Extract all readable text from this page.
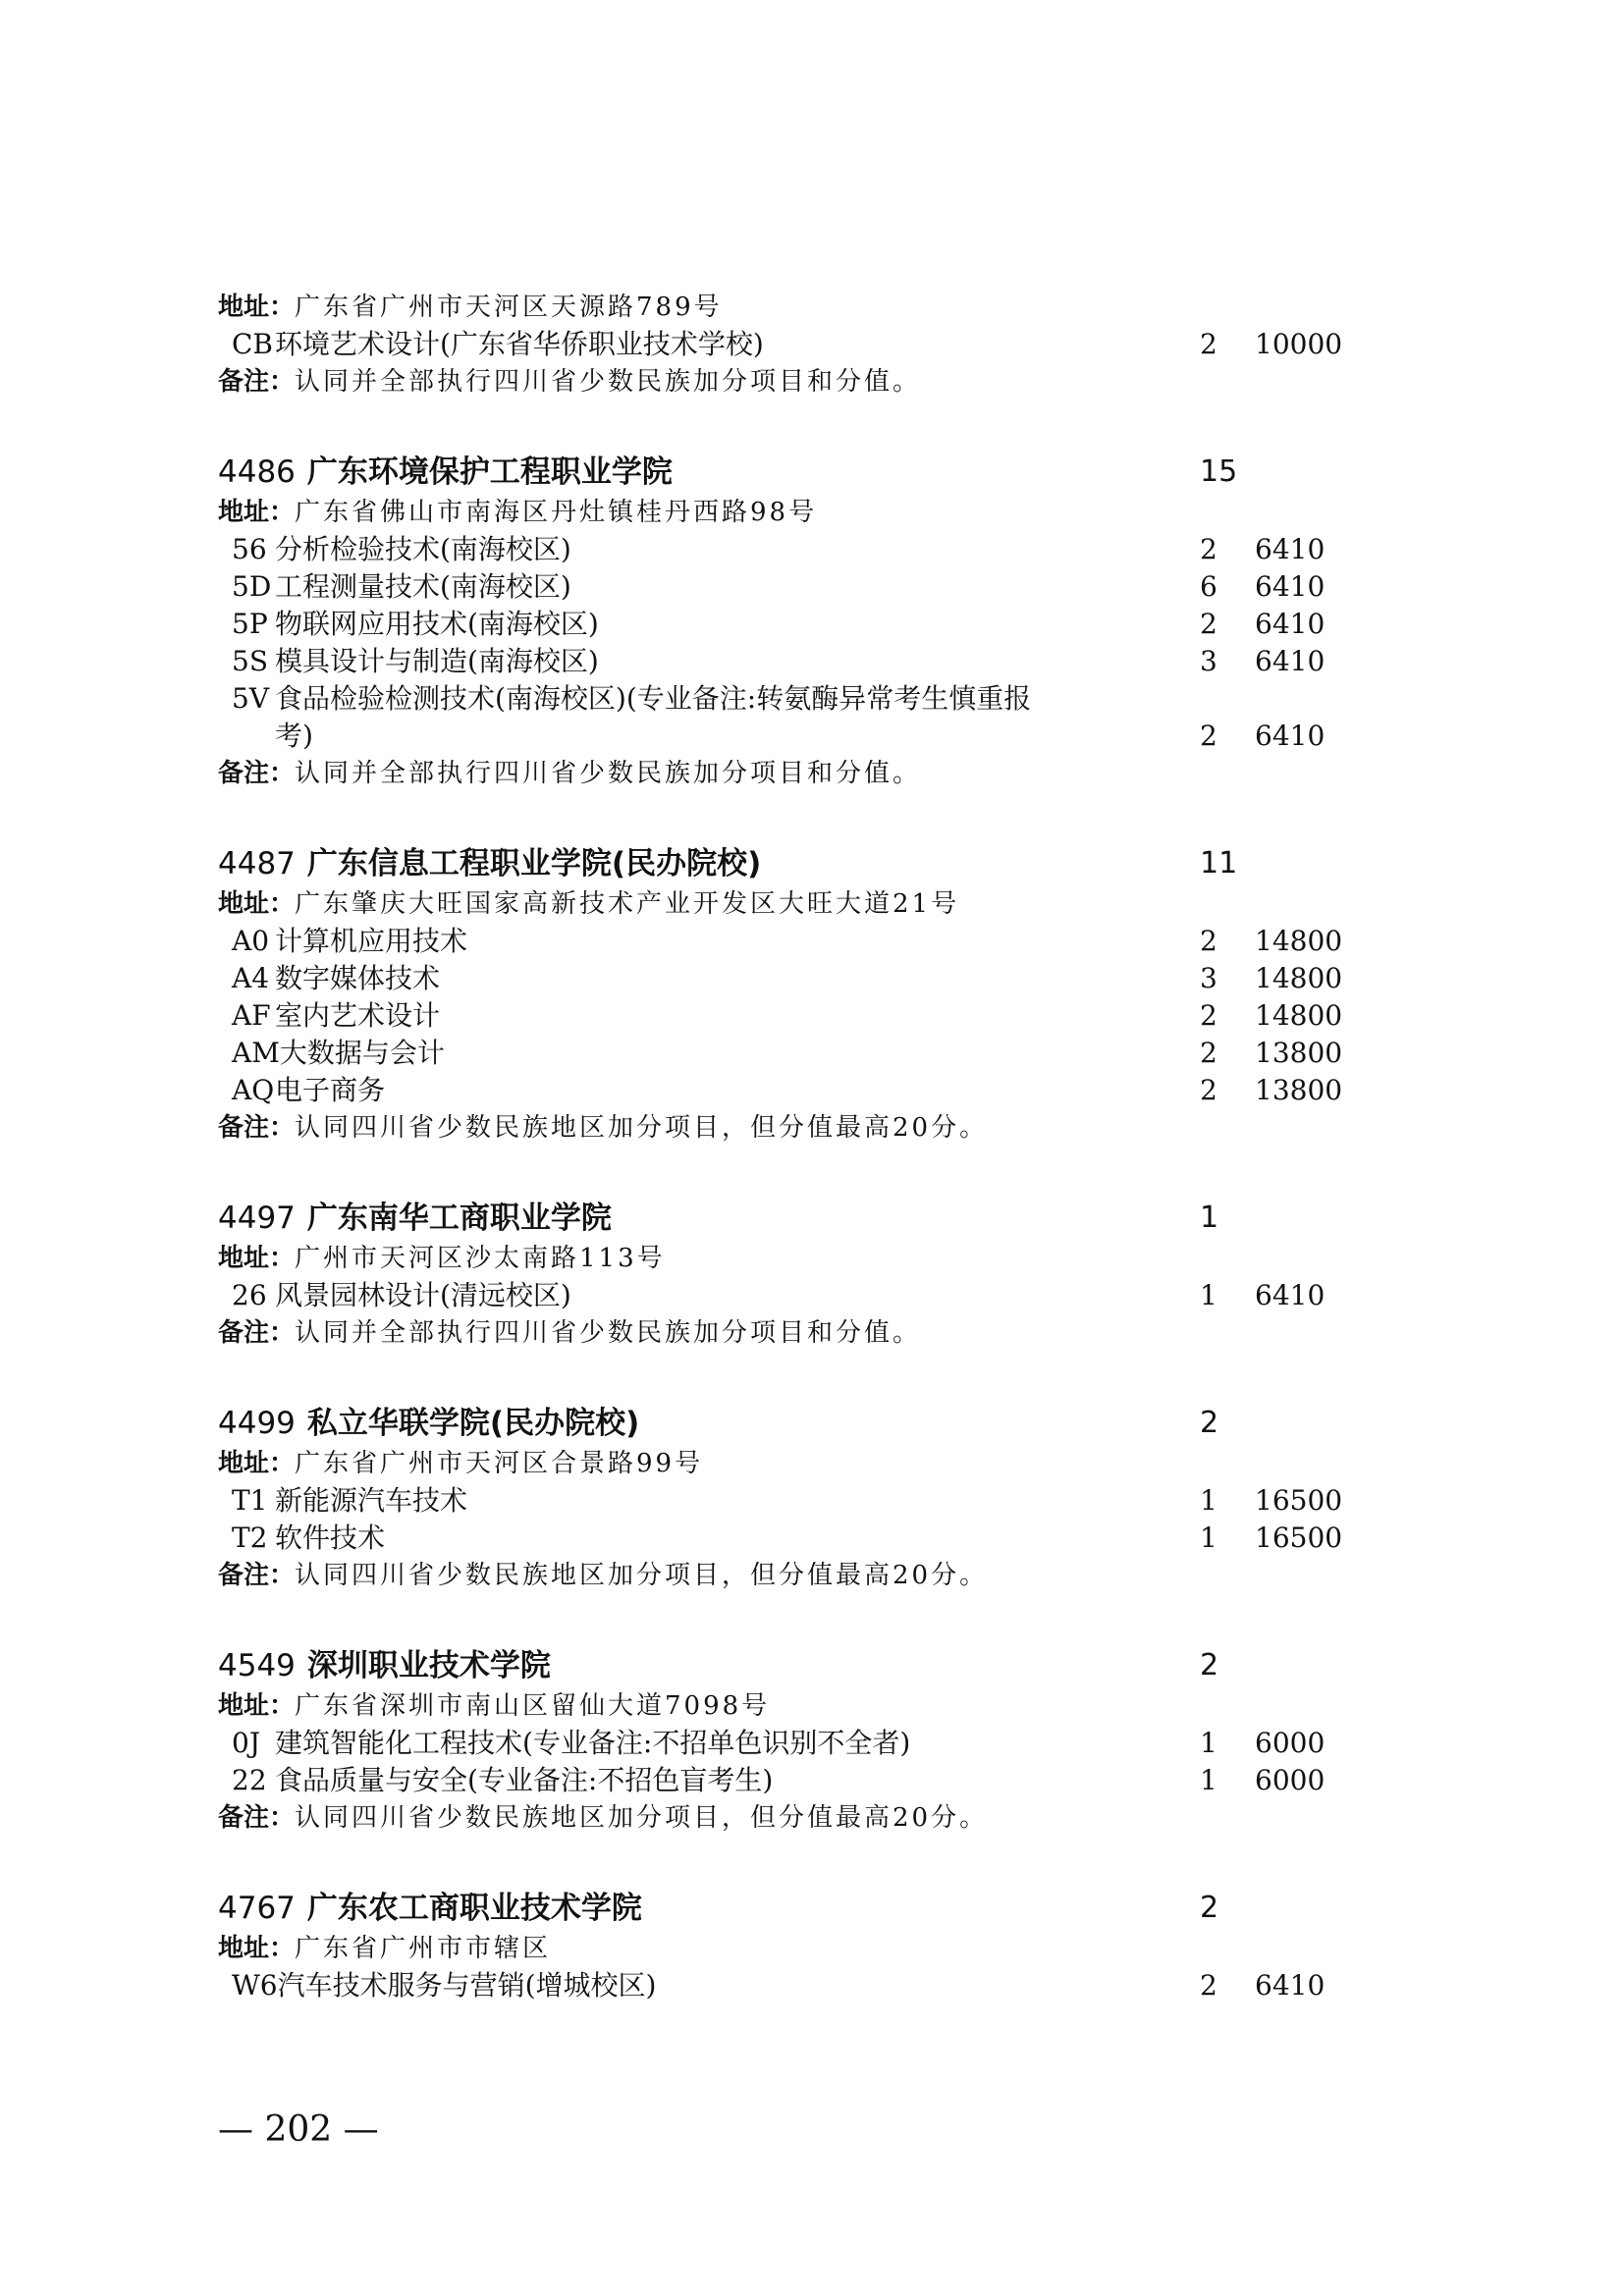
地址：广东省广州市天河区天源路789号
CB环境艺术设计(广东省华侨职业技术学校)	2 10000
备注：认同并全部执行四川省少数民族加分项目和分值。
4486 广东环境保护工程职业学院	15
地址：广东省佛山市南海区丹灶镇桂丹西路98号
56 分析检验技术(南海校区)	2 6410
5D 工程测量技术(南海校区)	6 6410
5P 物联网应用技术(南海校区)	2 6410
5S 模具设计与制造(南海校区)	3 6410
5V 食品检验检测技术(南海校区)(专业备注:转氨酶异常考生慎重报
考)	2 6410
备注：认同并全部执行四川省少数民族加分项目和分值。
4487 广东信息工程职业学院(民办院校)	11
地址：广东肇庆大旺国家高新技术产业开发区大旺大道21号
A0 计算机应用技术	2 14800
A4 数字媒体技术	3 14800
AF 室内艺术设计	2 14800
AM大数据与会计	2 13800
AQ电子商务	2 13800
备注：认同四川省少数民族地区加分项目，但分值最高20分。
4497 广东南华工商职业学院	1
地址：广州市天河区沙太南路113号
26 风景园林设计(清远校区)	1 6410
备注：认同并全部执行四川省少数民族加分项目和分值。
4499 私立华联学院(民办院校)	2
地址：广东省广州市天河区合景路99号
T1 新能源汽车技术	1 16500
T2 软件技术	1 16500
备注：认同四川省少数民族地区加分项目，但分值最高20分。
4549 深圳职业技术学院	2
地址：广东省深圳市南山区留仙大道7098号
0J 建筑智能化工程技术(专业备注:不招单色识别不全者)	1 6000
22 食品质量与安全(专业备注:不招色盲考生)	1 6000
备注：认同四川省少数民族地区加分项目，但分值最高20分。
4767 广东农工商职业技术学院	2
地址：广东省广州市市辖区
W6汽车技术服务与营销(增城校区)	2 6410
— 202 —
